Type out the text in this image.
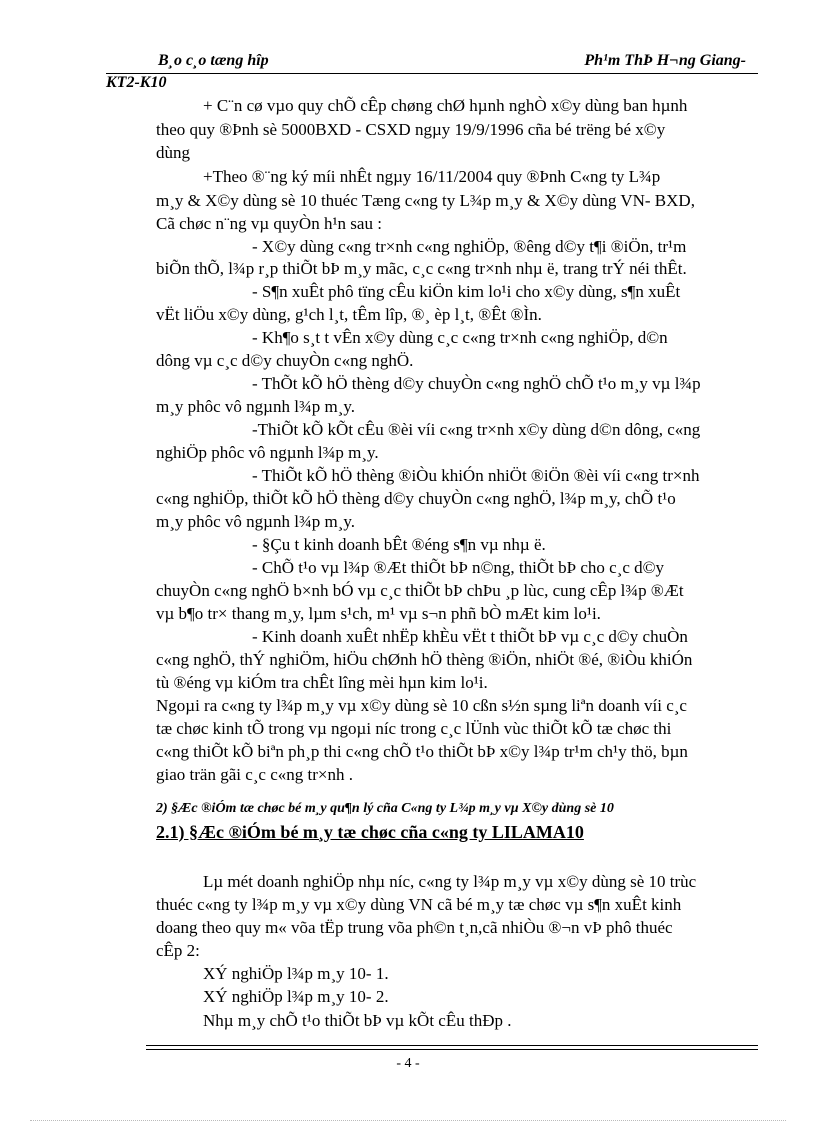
B¸o c¸o tæng hîp	Ph¹m ThÞ H¬ng Giang-
KT2-K10
+ C¨n cø vµo quy chÕ cÊp chøng chØ hµnh nghÒ x©y dùng ban hµnh
theo quy ®Þnh sè 5000BXD - CSXD ngµy 19/9/1996 cña bé trëng bé x©y
dùng
+Theo ®¨ng ký míi nhÊt ngµy 16/11/2004 quy ®Þnh C«ng ty L¾p
m¸y & X©y dùng sè 10 thuéc Tæng c«ng ty L¾p m¸y & X©y dùng VN- BXD,
Cã chøc n¨ng vµ quyÒn h¹n sau :
- X©y dùng c«ng tr×nh c«ng nghiÖp, ®êng d©y t¶i ®iÖn, tr¹m
biÕn thÕ, l¾p r¸p thiÕt bÞ m¸y mãc, c¸c c«ng tr×nh nhµ ë, trang trÝ néi thÊt.
- S¶n xuÊt phô tïng cÊu kiÖn kim lo¹i cho x©y dùng, s¶n xuÊt
vËt liÖu x©y dùng, g¹ch l¸t, tÊm lîp, ®¸ èp l¸t, ®Êt ®Ìn.
- Kh¶o s¸t t vÊn x©y dùng c¸c c«ng tr×nh c«ng nghiÖp, d©n
dông vµ c¸c d©y chuyÒn c«ng nghÖ.
- ThÕt kÕ hÖ thèng d©y chuyÒn c«ng nghÖ chÕ t¹o m¸y vµ l¾p
m¸y phôc vô ngµnh l¾p m¸y.
-ThiÕt kÕ kÕt cÊu ®èi víi c«ng tr×nh x©y dùng d©n dông, c«ng
nghiÖp phôc vô ngµnh l¾p m¸y.
- ThiÕt kÕ hÖ thèng ®iÒu khiÓn nhiÖt ®iÖn ®èi víi c«ng tr×nh
c«ng nghiÖp, thiÕt kÕ hÖ thèng d©y chuyÒn c«ng nghÖ, l¾p m¸y, chÕ t¹o
m¸y phôc vô ngµnh l¾p m¸y.
- §Çu t kinh doanh bÊt ®éng s¶n vµ nhµ ë.
- ChÕ t¹o vµ l¾p ®Æt thiÕt bÞ n©ng, thiÕt bÞ cho c¸c d©y
chuyÒn c«ng nghÖ b×nh bÓ vµ c¸c thiÕt bÞ chÞu ¸p lùc, cung cÊp l¾p ®Æt
vµ b¶o tr× thang m¸y, lµm s¹ch, m¹ vµ s¬n phñ bÒ mÆt kim lo¹i.
- Kinh doanh xuÊt nhËp khÈu vËt t thiÕt bÞ vµ c¸c d©y chuÒn
c«ng nghÖ, thÝ nghiÖm, hiÖu chØnh hÖ thèng ®iÖn, nhiÖt ®é, ®iÒu khiÓn
tù ®éng vµ kiÓm tra chÊt lîng mèi hµn kim lo¹i.
Ngoµi ra c«ng ty l¾p m¸y vµ x©y dùng sè 10 cßn s½n sµng liªn doanh víi c¸c
tæ chøc kinh tÕ trong vµ ngoµi níc trong c¸c lÜnh vùc thiÕt kÕ tæ chøc thi
c«ng thiÕt kÕ biªn ph¸p thi c«ng chÕ t¹o thiÕt bÞ x©y l¾p tr¹m ch¹y thö, bµn
giao trän gãi c¸c c«ng tr×nh .
2) §Æc ®iÓm tæ chøc bé m¸y qu¶n lý cña C«ng ty L¾p m¸y vµ X©y dùng sè 10
2.1) §Æc ®iÓm bé m¸y tæ chøc cña c«ng ty LILAMA10
Lµ mét doanh nghiÖp nhµ níc, c«ng ty l¾p m¸y vµ x©y dùng sè 10 trùc
thuéc c«ng ty l¾p m¸y vµ x©y dùng VN cã bé m¸y tæ chøc vµ s¶n xuÊt kinh
doang theo quy m« võa tËp trung võa ph©n t¸n,cã nhiÒu ®¬n vÞ phô thuéc
cÊp 2:
XÝ nghiÖp l¾p m¸y 10- 1.
XÝ nghiÖp l¾p m¸y 10- 2.
Nhµ m¸y chÕ t¹o thiÕt bÞ vµ kÕt cÊu thÐp .
- 4 -
